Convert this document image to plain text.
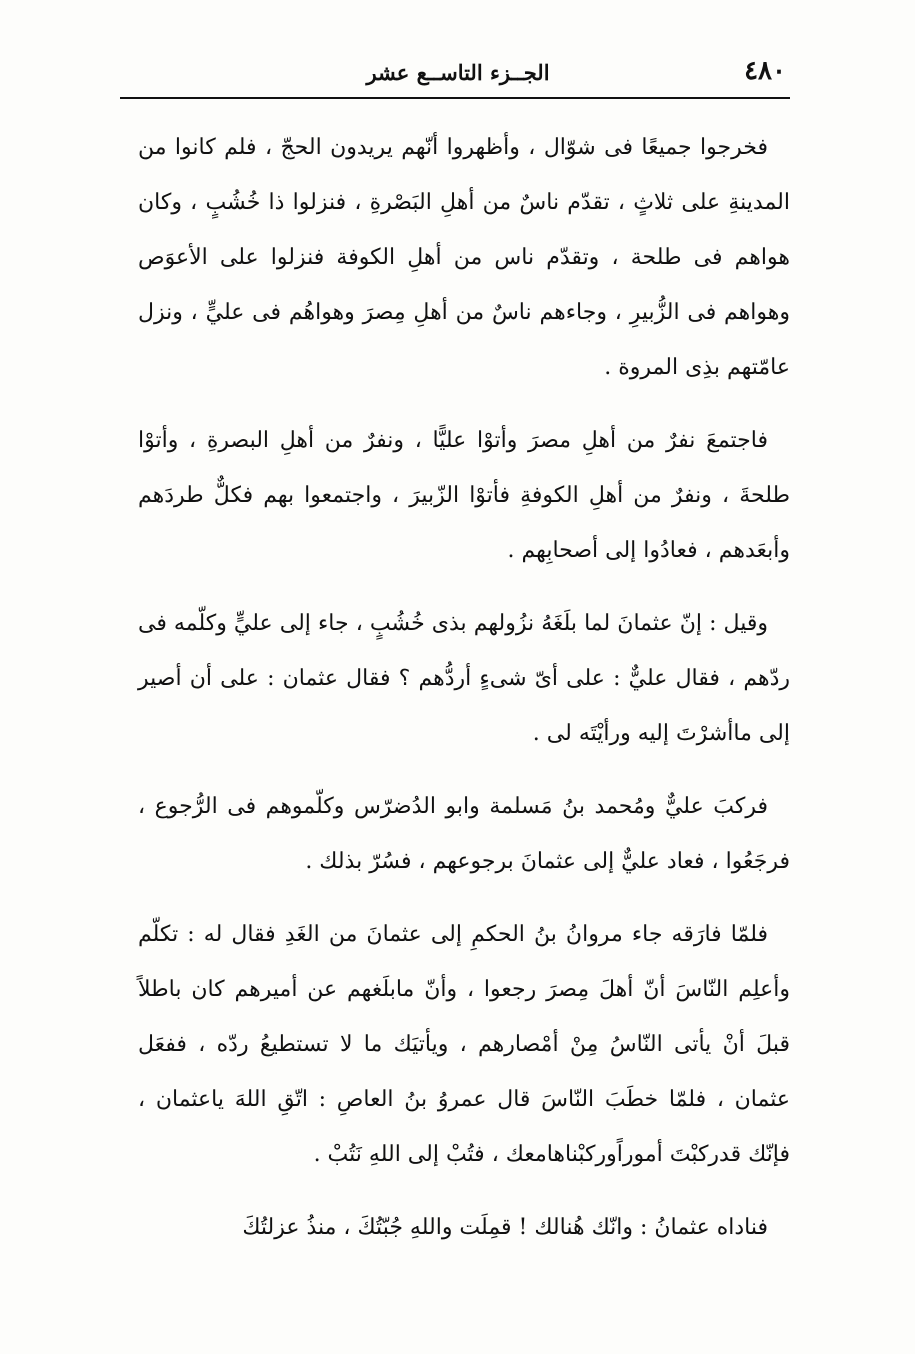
٤٨٠
الجــزء التاســع عشر

فخرجوا جميعًا فى شوّال ، وأظهروا أنّهم يريدون الحجّ ، فلم كانوا من المدينةِ على ثلاثٍ ، تقدّم ناسٌ من أهلِ البَصْرةِ ، فنزلوا ذا خُشُبٍ ، وكان هواهم فى طلحة ، وتقدّم ناس من أهلِ الكوفة فنزلوا على الأعوَص وهواهم فى الزُّبيرِ ، وجاءهم ناسٌ من أهلِ مِصرَ وهواهُم فى عليٍّ ، ونزل عامّتهم بذِى المروة .

فاجتمعَ نفرٌ من أهلِ مصرَ وأتوْا عليًّا ، ونفرٌ من أهلِ البصرةِ ، وأتوْا طلحةَ ، ونفرٌ من أهلِ الكوفةِ فأتوْا الزّبيرَ ، واجتمعوا بهم فكلٌّ طردَهم وأبعَدهم ، فعادُوا إلى أصحابِهم .

وقيل : إنّ عثمانَ لما بلَغَهُ نزُولهم بذى خُشُبٍ ، جاء إلى عليٍّ وكلّمه فى ردّهم ، فقال عليٌّ : على أىّ شىءٍ أردُّهم ؟ فقال عثمان : على أن أصير إلى ماأشرْتَ إليه ورأيْتَه لى .

فركبَ عليٌّ ومُحمد بنُ مَسلمة وابو الدُضرّس وكلّموهم فى الرُّجوع ، فرجَعُوا ، فعاد عليٌّ إلى عثمانَ برجوعهم ، فسُرّ بذلك .

فلمّا فارَقه جاء مروانُ بنُ الحكمِ إلى عثمانَ من الغَدِ فقال له : تكلّم وأعلِم النّاسَ أنّ أهلَ مِصرَ رجعوا ، وأنّ مابلَغهم عن أميرهم كان باطلاً قبلَ أنْ يأتى النّاسُ مِنْ أمْصارهم ، ويأتيَك ما لا تستطيعُ ردّه ، ففعَل عثمان ، فلمّا خطَبَ النّاسَ قال عمروُ بنُ العاصِ : اتّقِ اللهَ ياعثمان ، فإنّك قدركبْتَ أموراًوركبْناهامعك ، فتُبْ إلى اللهِ نَتُبْ .

فناداه عثمانُ : وانّك هُنالك ! قمِلَت واللهِ جُبّتُكَ ، منذُ عزلتُكَ
